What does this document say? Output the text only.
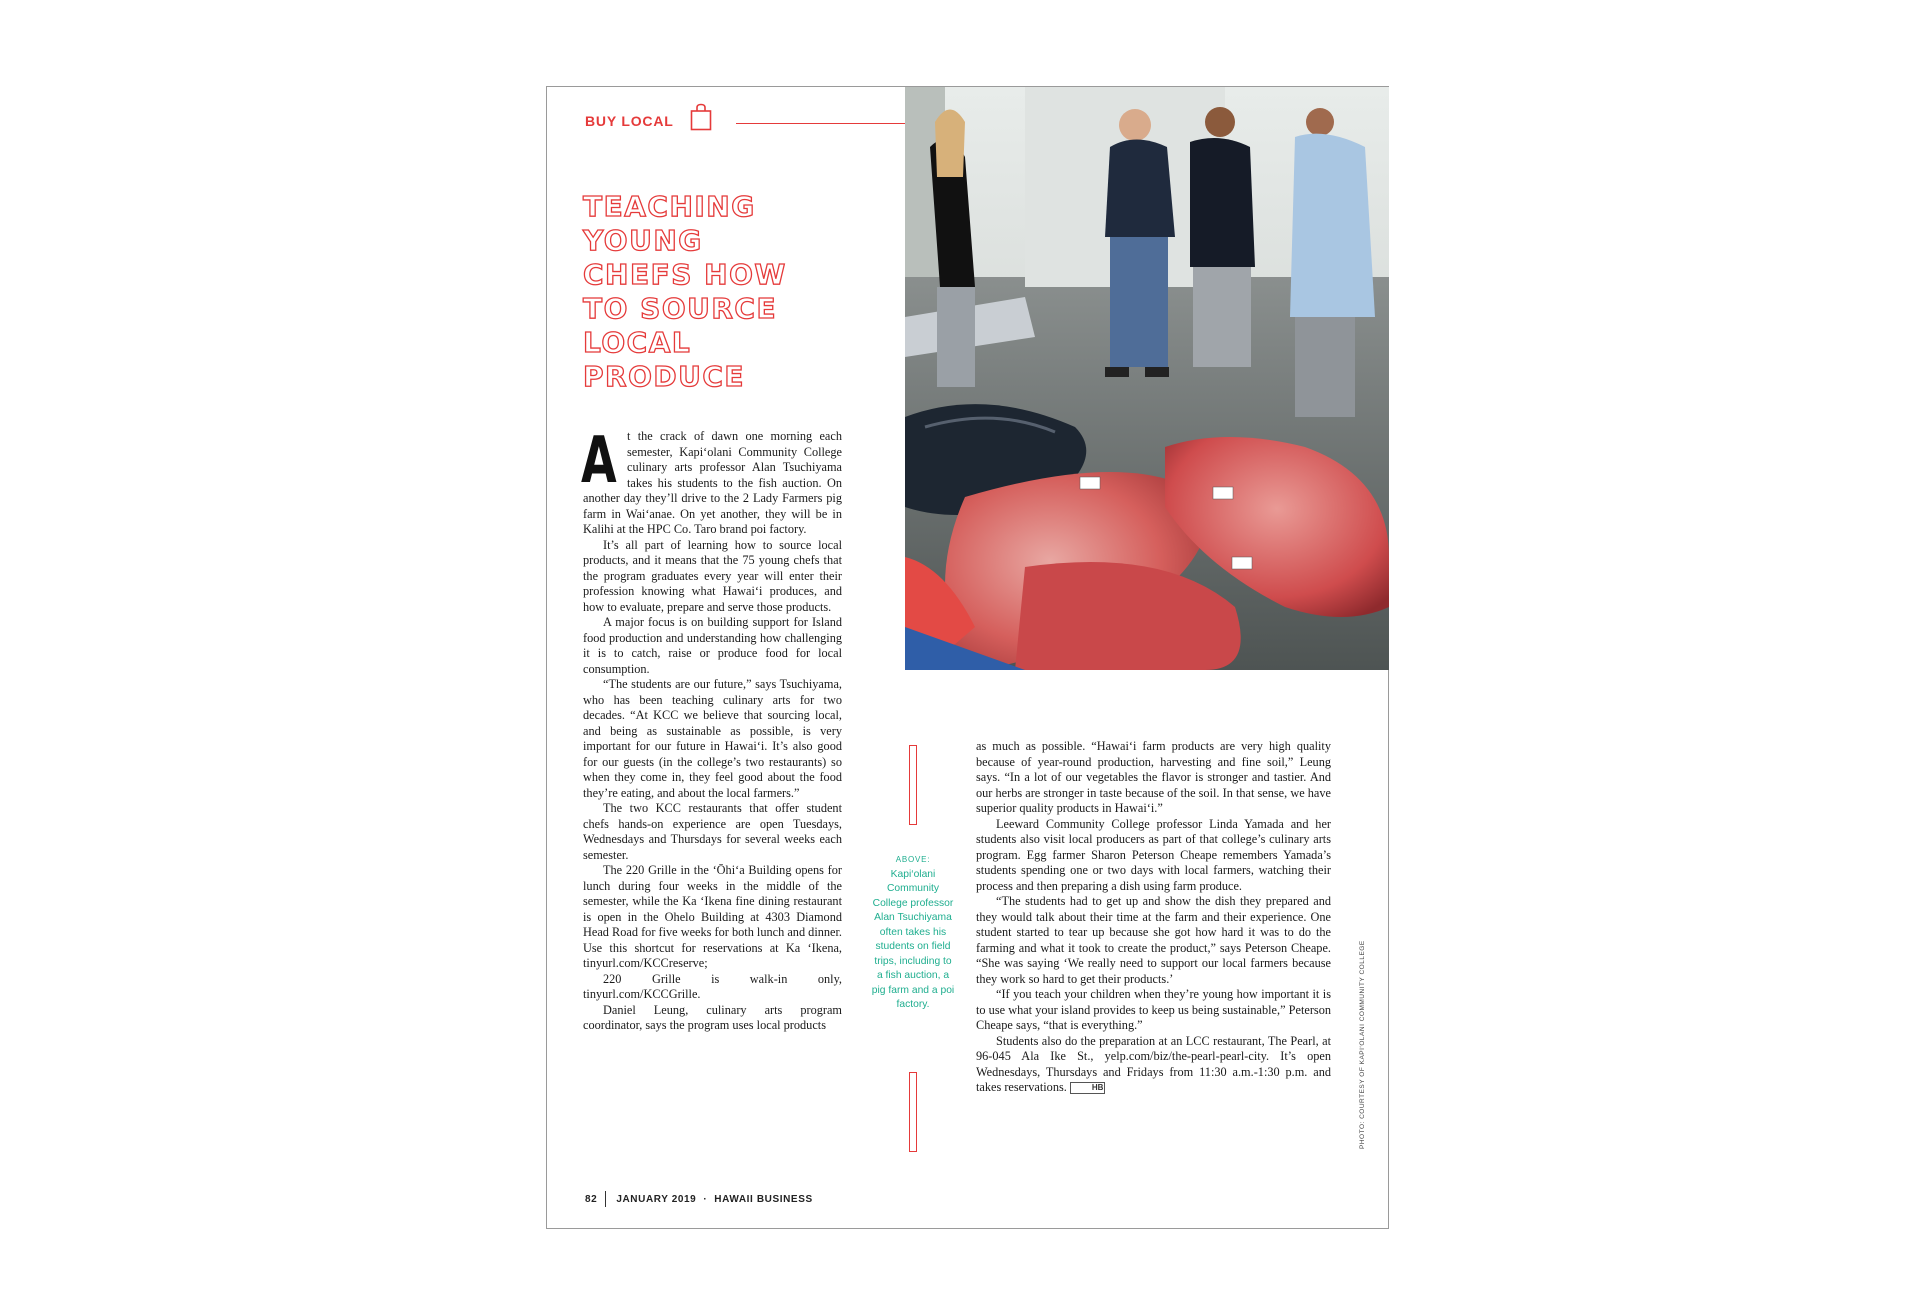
BUY LOCAL
TEACHING
YOUNG
CHEFS HOW
TO SOURCE
LOCAL
PRODUCE
A t the crack of dawn one morning each semester, Kapi‘olani Community College culinary arts professor Alan Tsuchiyama takes his students to the fish auction. On another day they’ll drive to the 2 Lady Farmers pig farm in Wai‘anae. On yet another, they will be in Kalihi at the HPC Co. Taro brand poi factory.

It’s all part of learning how to source local products, and it means that the 75 young chefs that the program graduates every year will enter their profession knowing what Hawai‘i produces, and how to evaluate, prepare and serve those products.

A major focus is on building support for Island food production and understanding how challenging it is to catch, raise or produce food for local consumption.

“The students are our future,” says Tsuchiyama, who has been teaching culinary arts for two decades. “At KCC we believe that sourcing local, and being as sustainable as possible, is very important for our future in Hawai‘i. It’s also good for our guests (in the college’s two restaurants) so when they come in, they feel good about the food they’re eating, and about the local farmers.”

The two KCC restaurants that offer student chefs hands-on experience are open Tuesdays, Wednesdays and Thursdays for several weeks each semester.

The 220 Grille in the ‘Ōhi‘a Building opens for lunch during four weeks in the middle of the semester, while the Ka ‘Ikena fine dining restaurant is open in the Ohelo Building at 4303 Diamond Head Road for five weeks for both lunch and dinner. Use this shortcut for reservations at Ka ‘Ikena, tinyurl.com/KCCreserve;

220 Grille is walk-in only, tinyurl.com/KCCGrille.

Daniel Leung, culinary arts program coordinator, says the program uses local products

ABOVE:
Kapi‘olani Community College professor Alan Tsuchiyama often takes his students on field trips, including to a fish auction, a pig farm and a poi factory.

as much as possible. “Hawai‘i farm products are very high quality because of year-round production, harvesting and fine soil,” Leung says. “In a lot of our vegetables the flavor is stronger and tastier. And our herbs are stronger in taste because of the soil. In that sense, we have superior quality products in Hawai‘i.”

Leeward Community College professor Linda Yamada and her students also visit local producers as part of that college’s culinary arts program. Egg farmer Sharon Peterson Cheape remembers Yamada’s students spending one or two days with local farmers, watching their process and then preparing a dish using farm produce.

“The students had to get up and show the dish they prepared and they would talk about their time at the farm and their experience. One student started to tear up because she got how hard it was to do the farming and what it took to create the product,” says Peterson Cheape. “She was saying ‘We really need to support our local farmers because they work so hard to get their products.’

“If you teach your children when they’re young how important it is to use what your island provides to keep us being sustainable,” Peterson Cheape says, “that is everything.”

Students also do the preparation at an LCC restaurant, The Pearl, at 96-045 Ala Ike St., yelp.com/biz/the-pearl-pearl-city. It’s open Wednesdays, Thursdays and Fridays from 11:30 a.m.-1:30 p.m. and takes reservations.	HB	PHOTO: COURTESY OF KAPI‘OLANI COMMUNITY COLLEGE
82 JANUARY 2019 · HAWAII BUSINESS
